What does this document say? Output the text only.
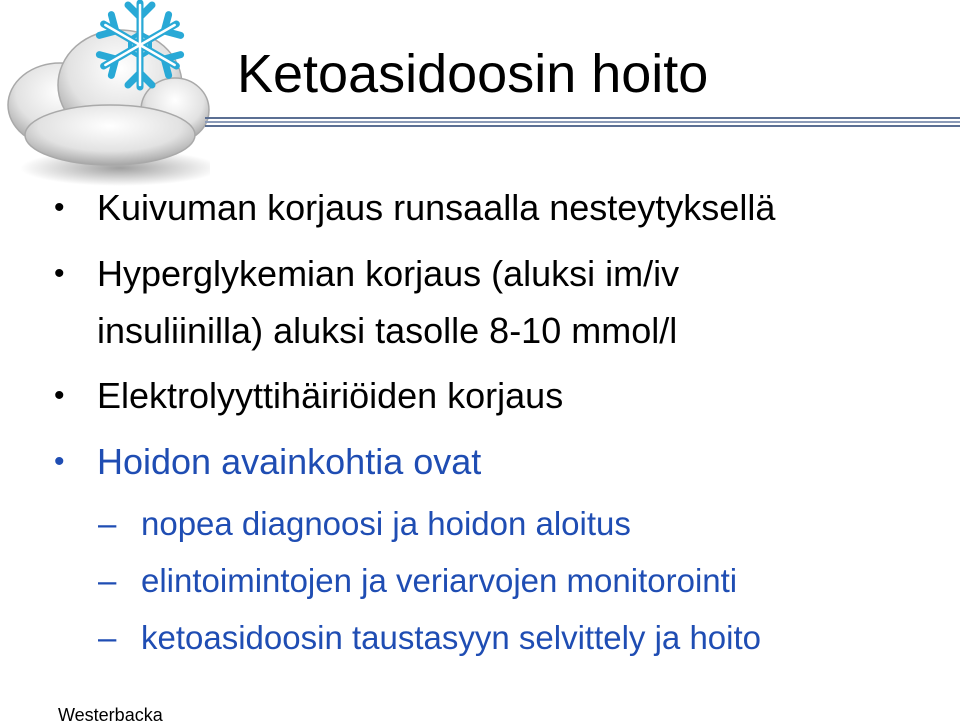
Ketoasidoosin hoito
• Kuivuman korjaus runsaalla nesteytyksellä
• Hyperglykemian korjaus (aluksi im/iv
insuliinilla) aluksi tasolle 8-10 mmol/l
• Elektrolyyttihäiriöiden korjaus
• Hoidon avainkohtia ovat
– nopea diagnoosi ja hoidon aloitus
– elintoimintojen ja veriarvojen monitorointi
– ketoasidoosin taustasyyn selvittely ja hoito
Westerbacka
